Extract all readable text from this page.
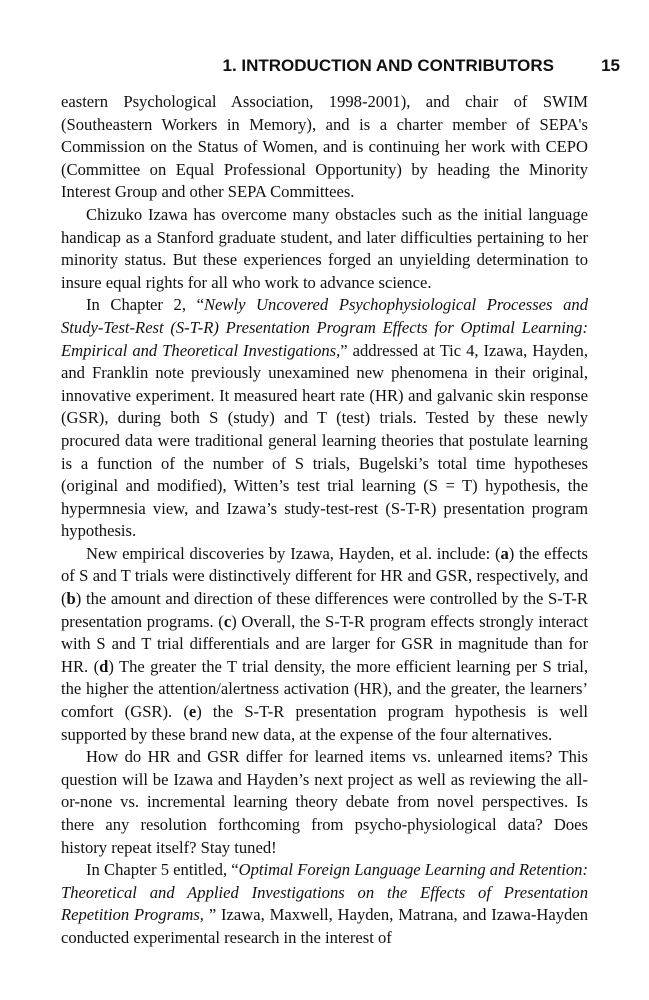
1. INTRODUCTION AND CONTRIBUTORS	15

eastern Psychological Association, 1998-2001), and chair of SWIM (Southeastern Workers in Memory), and is a charter member of SEPA's Commission on the Status of Women, and is continuing her work with CEPO (Committee on Equal Professional Opportunity) by heading the Minority Interest Group and other SEPA Committees.

Chizuko Izawa has overcome many obstacles such as the initial language handicap as a Stanford graduate student, and later difficulties pertaining to her minority status. But these experiences forged an unyielding determination to insure equal rights for all who work to advance science.

In Chapter 2, “Newly Uncovered Psychophysiological Processes and Study-Test-Rest (S-T-R) Presentation Program Effects for Optimal Learning: Empirical and Theoretical Investigations,” addressed at Tic 4, Izawa, Hayden, and Franklin note previously unexamined new phenomena in their original, innovative experiment. It measured heart rate (HR) and galvanic skin response (GSR), during both S (study) and T (test) trials. Tested by these newly procured data were traditional general learning theories that postulate learning is a function of the number of S trials, Bugelski’s total time hypotheses (original and modified), Witten’s test trial learning (S = T) hypothesis, the hypermnesia view, and Izawa’s study-test-rest (S-T-R) presentation program hypothesis.

New empirical discoveries by Izawa, Hayden, et al. include: (a) the effects of S and T trials were distinctively different for HR and GSR, respectively, and (b) the amount and direction of these differences were controlled by the S-T-R presentation programs. (c) Overall, the S-T-R program effects strongly interact with S and T trial differentials and are larger for GSR in magnitude than for HR. (d) The greater the T trial density, the more efficient learning per S trial, the higher the attention/alertness activation (HR), and the greater, the learners’ comfort (GSR). (e) the S-T-R presentation program hypothesis is well supported by these brand new data, at the expense of the four alternatives.

How do HR and GSR differ for learned items vs. unlearned items? This question will be Izawa and Hayden’s next project as well as reviewing the all-or-none vs. incremental learning theory debate from novel perspectives. Is there any resolution forthcoming from psycho-physiological data? Does history repeat itself? Stay tuned!

In Chapter 5 entitled, “Optimal Foreign Language Learning and Retention: Theoretical and Applied Investigations on the Effects of Presentation Repetition Programs, ” Izawa, Maxwell, Hayden, Matrana, and Izawa-Hayden conducted experimental research in the interest of
